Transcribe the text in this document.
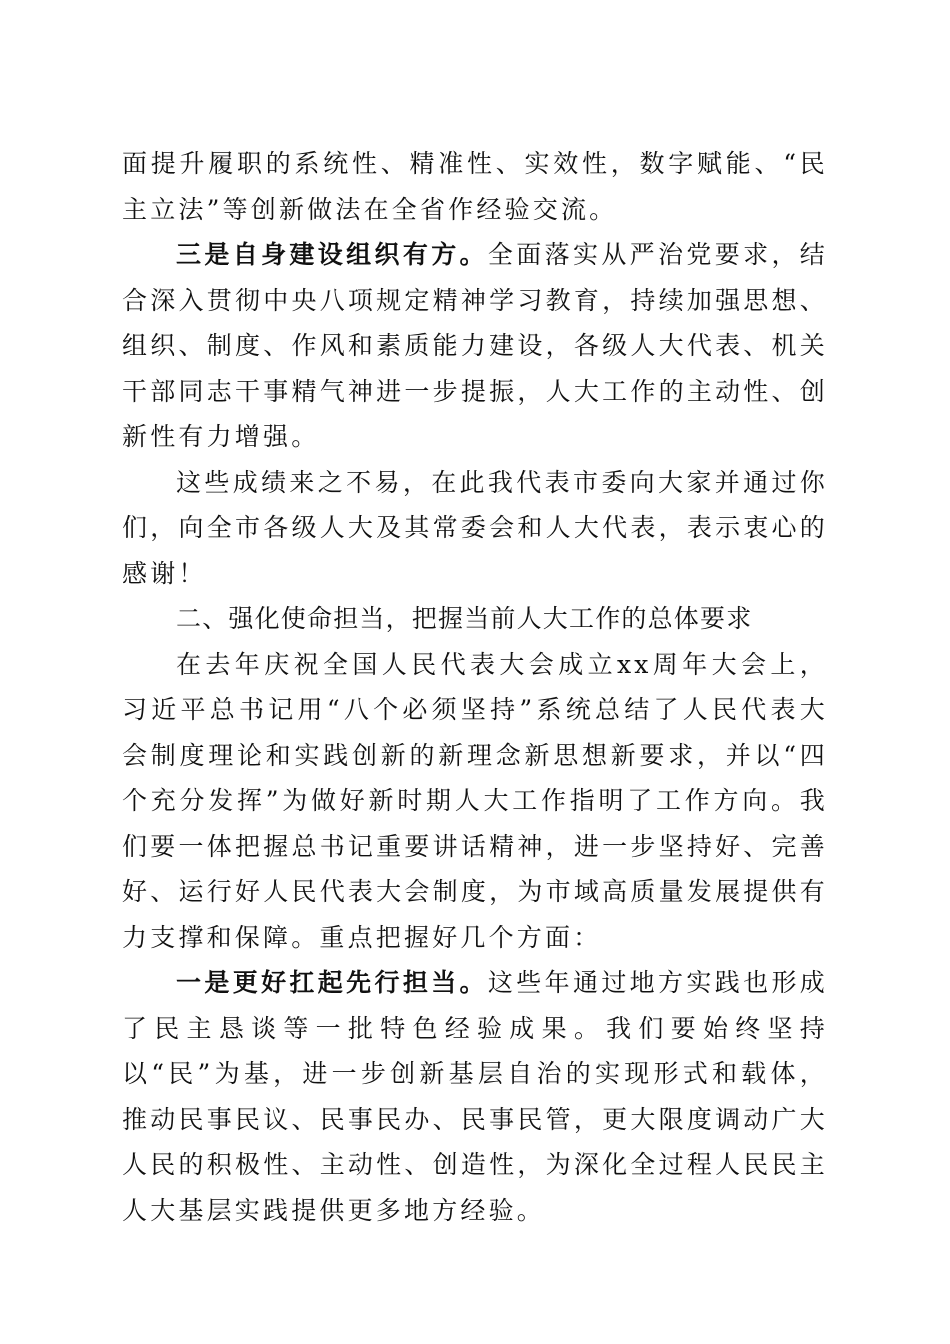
面提升履职的系统性、精准性、实效性，数字赋能、“民主立法”等创新做法在全省作经验交流。

三是自身建设组织有方。全面落实从严治党要求，结合深入贯彻中央八项规定精神学习教育，持续加强思想、组织、制度、作风和素质能力建设，各级人大代表、机关干部同志干事精气神进一步提振，人大工作的主动性、创新性有力增强。

这些成绩来之不易，在此我代表市委向大家并通过你们，向全市各级人大及其常委会和人大代表，表示衷心的感谢！

二、强化使命担当，把握当前人大工作的总体要求

在去年庆祝全国人民代表大会成立xx周年大会上，习近平总书记用“八个必须坚持”系统总结了人民代表大会制度理论和实践创新的新理念新思想新要求，并以“四个充分发挥”为做好新时期人大工作指明了工作方向。我们要一体把握总书记重要讲话精神，进一步坚持好、完善好、运行好人民代表大会制度，为市域高质量发展提供有力支撑和保障。重点把握好几个方面：

一是更好扛起先行担当。这些年通过地方实践也形成了民主恳谈等一批特色经验成果。我们要始终坚持以“民”为基，进一步创新基层自治的实现形式和载体，推动民事民议、民事民办、民事民管，更大限度调动广大人民的积极性、主动性、创造性，为深化全过程人民民主人大基层实践提供更多地方经验。
